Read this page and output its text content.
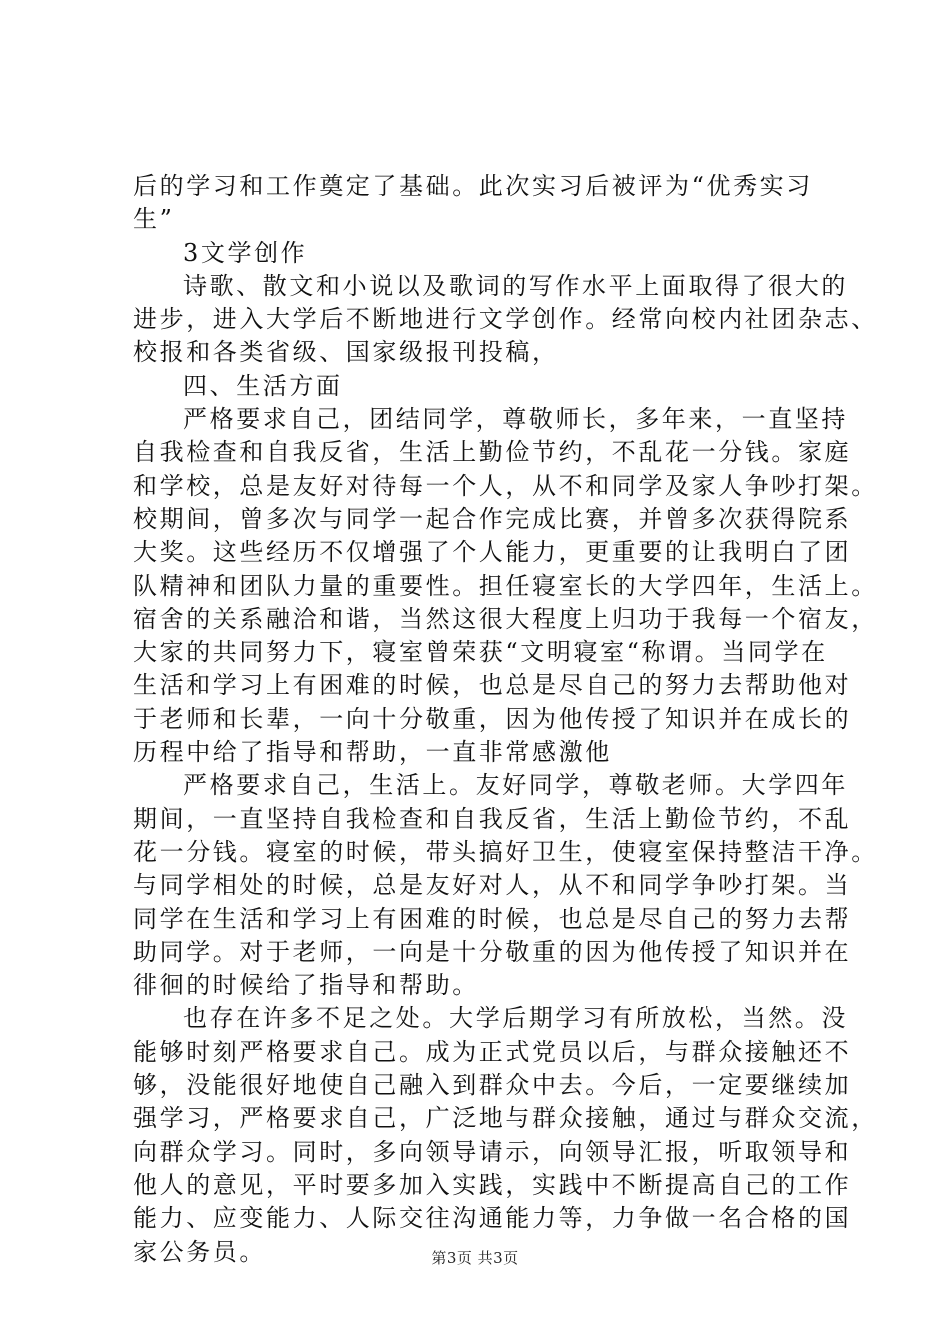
后的学习和工作奠定了基础。此次实习后被评为“优秀实习
生”
3文学创作
诗歌、散文和小说以及歌词的写作水平上面取得了很大的
进步，进入大学后不断地进行文学创作。经常向校内社团杂志、
校报和各类省级、国家级报刊投稿，
四、生活方面
严格要求自己，团结同学，尊敬师长，多年来，一直坚持
自我检查和自我反省，生活上勤俭节约，不乱花一分钱。家庭
和学校，总是友好对待每一个人，从不和同学及家人争吵打架。
校期间，曾多次与同学一起合作完成比赛，并曾多次获得院系
大奖。这些经历不仅增强了个人能力，更重要的让我明白了团
队精神和团队力量的重要性。担任寝室长的大学四年，生活上。
宿舍的关系融洽和谐，当然这很大程度上归功于我每一个宿友，
大家的共同努力下，寝室曾荣获“文明寝室“称谓。当同学在
生活和学习上有困难的时候，也总是尽自己的努力去帮助他对
于老师和长辈，一向十分敬重，因为他传授了知识并在成长的
历程中给了指导和帮助，一直非常感激他
严格要求自己，生活上。友好同学，尊敬老师。大学四年
期间，一直坚持自我检查和自我反省，生活上勤俭节约，不乱
花一分钱。寝室的时候，带头搞好卫生，使寝室保持整洁干净。
与同学相处的时候，总是友好对人，从不和同学争吵打架。当
同学在生活和学习上有困难的时候，也总是尽自己的努力去帮
助同学。对于老师，一向是十分敬重的因为他传授了知识并在
徘徊的时候给了指导和帮助。
也存在许多不足之处。大学后期学习有所放松，当然。没
能够时刻严格要求自己。成为正式党员以后，与群众接触还不
够，没能很好地使自己融入到群众中去。今后，一定要继续加
强学习，严格要求自己，广泛地与群众接触，通过与群众交流，
向群众学习。同时，多向领导请示，向领导汇报，听取领导和
他人的意见，平时要多加入实践，实践中不断提高自己的工作
能力、应变能力、人际交往沟通能力等，力争做一名合格的国
家公务员。	第3页 共3页
